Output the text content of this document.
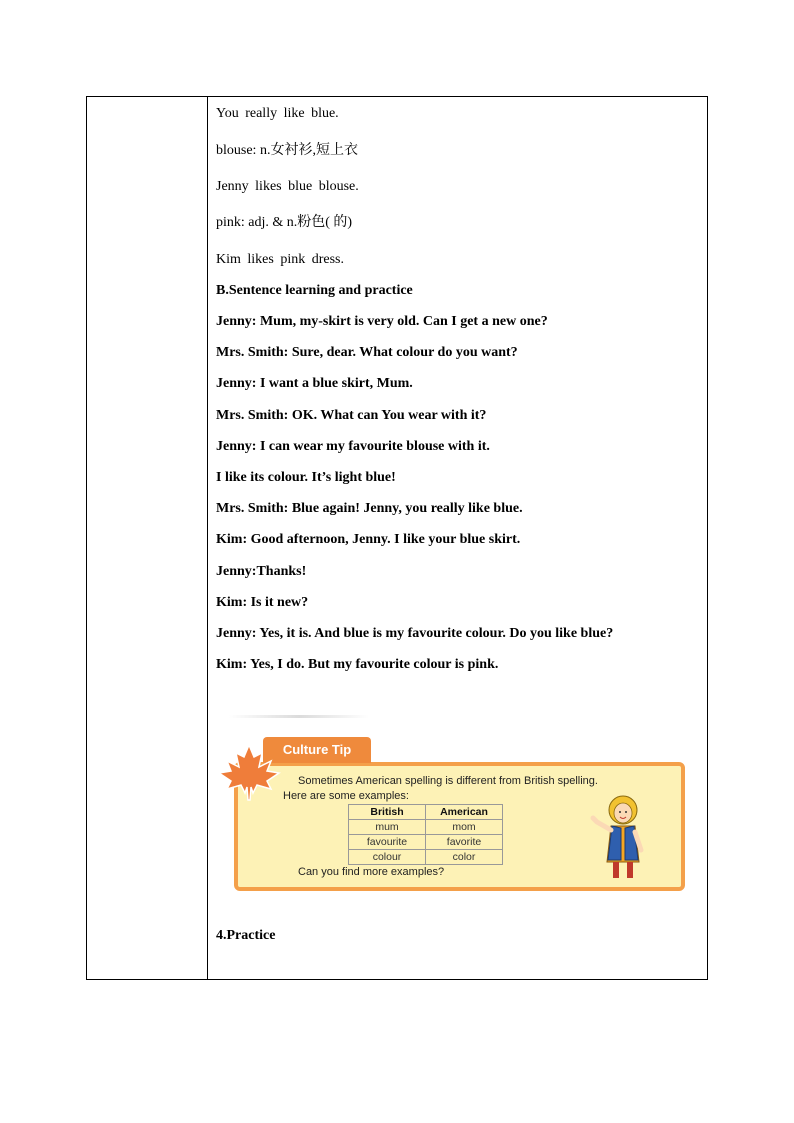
You really like blue.
blouse: n.女衬衫,短上衣
Jenny likes blue blouse.
pink: adj. & n.粉色( 的)
Kim likes pink dress.
B.Sentence learning and practice
Jenny: Mum, my-skirt is very old. Can I get a new one?
Mrs. Smith: Sure, dear. What colour do you want?
Jenny: I want a blue skirt, Mum.
Mrs. Smith: OK. What can You wear with it?
Jenny: I can wear my favourite blouse with it.
I like its colour. It’s light blue!
Mrs. Smith: Blue again! Jenny, you really like blue.
Kim: Good afternoon, Jenny. I like your blue skirt.
Jenny:Thanks!
Kim: Is it new?
Jenny: Yes, it is. And blue is my favourite colour. Do you like blue?
Kim: Yes, I do. But my favourite colour is pink.
4.Practice
Culture Tip
Sometimes American spelling is different from British spelling.
Here are some examples:
British	American
mum	mom
favourite	favorite
colour	color
Can you find more examples?
